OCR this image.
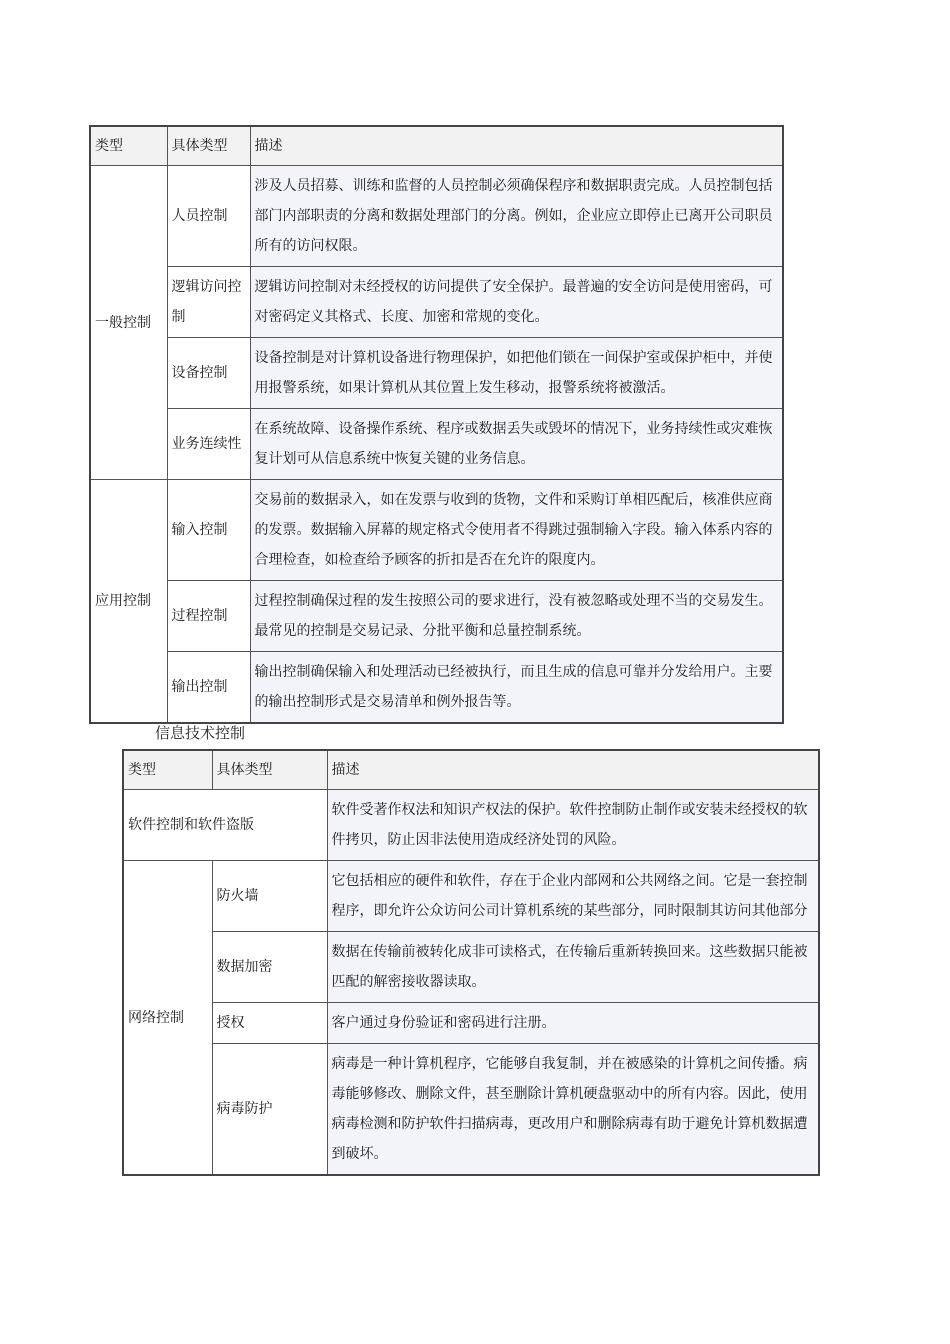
类型	具体类型	描述
一般控制	人员控制	涉及人员招募、训练和监督的人员控制必须确保程序和数据职责完成。人员控制包括部门内部职责的分离和数据处理部门的分离。例如，企业应立即停止已离开公司职员所有的访问权限。
	逻辑访问控制	逻辑访问控制对未经授权的访问提供了安全保护。最普遍的安全访问是使用密码，可对密码定义其格式、长度、加密和常规的变化。
	设备控制	设备控制是对计算机设备进行物理保护，如把他们锁在一间保护室或保护柜中，并使用报警系统，如果计算机从其位置上发生移动，报警系统将被激活。
	业务连续性	在系统故障、设备操作系统、程序或数据丢失或毁坏的情况下，业务持续性或灾难恢复计划可从信息系统中恢复关键的业务信息。
应用控制	输入控制	交易前的数据录入，如在发票与收到的货物，文件和采购订单相匹配后，核准供应商的发票。数据输入屏幕的规定格式令使用者不得跳过强制输入字段。输入体系内容的合理检查，如检查给予顾客的折扣是否在允许的限度内。
	过程控制	过程控制确保过程的发生按照公司的要求进行，没有被忽略或处理不当的交易发生。最常见的控制是交易记录、分批平衡和总量控制系统。
	输出控制	输出控制确保输入和处理活动已经被执行，而且生成的信息可靠并分发给用户。主要的输出控制形式是交易清单和例外报告等。
信息技术控制
类型	具体类型	描述
软件控制和软件盗版		软件受著作权法和知识产权法的保护。软件控制防止制作或安装未经授权的软件拷贝，防止因非法使用造成经济处罚的风险。
网络控制	防火墙	它包括相应的硬件和软件，存在于企业内部网和公共网络之间。它是一套控制程序，即允许公众访问公司计算机系统的某些部分，同时限制其访问其他部分
	数据加密	数据在传输前被转化成非可读格式，在传输后重新转换回来。这些数据只能被匹配的解密接收器读取。
	授权	客户通过身份验证和密码进行注册。
	病毒防护	病毒是一种计算机程序，它能够自我复制，并在被感染的计算机之间传播。病毒能够修改、删除文件，甚至删除计算机硬盘驱动中的所有内容。因此，使用病毒检测和防护软件扫描病毒，更改用户和删除病毒有助于避免计算机数据遭到破坏。
